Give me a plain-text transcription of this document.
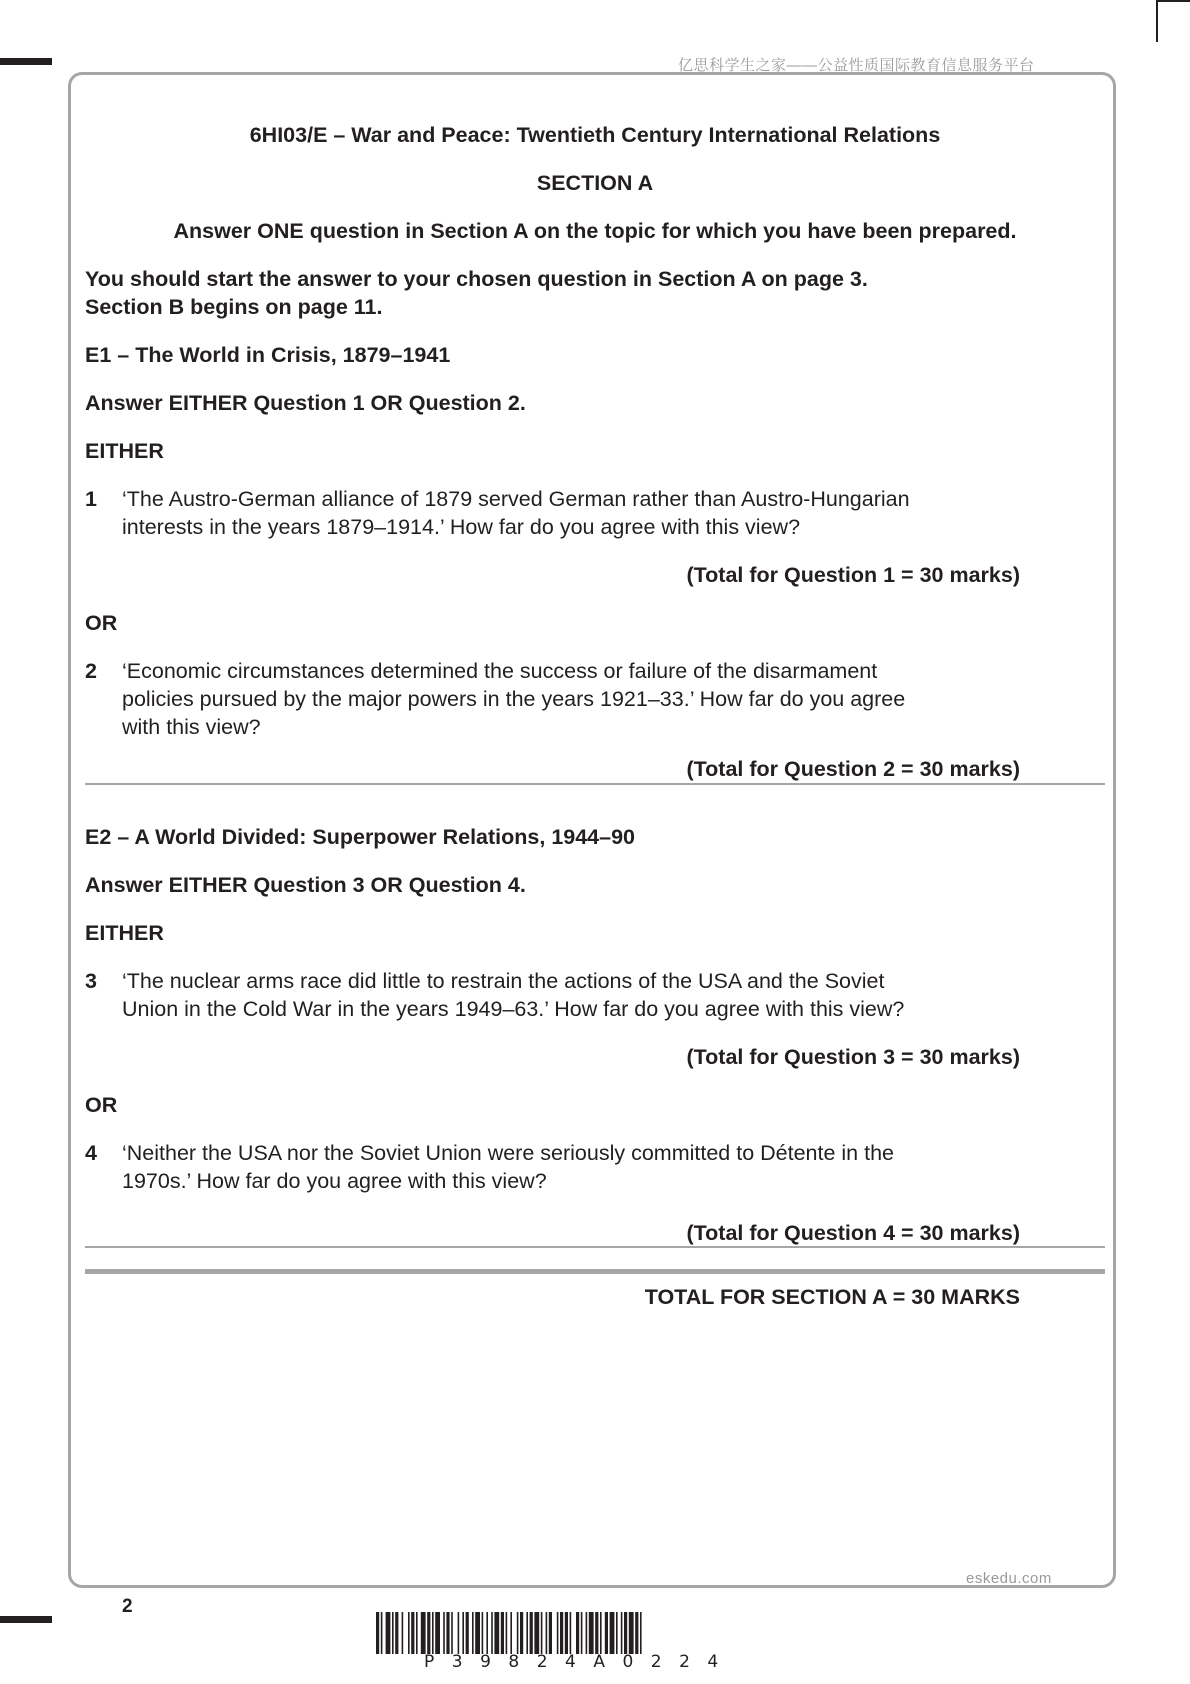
亿思科学生之家——公益性质国际教育信息服务平台
6HI03/E – War and Peace: Twentieth Century International Relations
SECTION A
Answer ONE question in Section A on the topic for which you have been prepared.
You should start the answer to your chosen question in Section A on page 3.
Section B begins on page 11.
E1 – The World in Crisis, 1879–1941
Answer EITHER Question 1 OR Question 2.
EITHER
1 ‘The Austro-German alliance of 1879 served German rather than Austro-Hungarian
interests in the years 1879–1914.’ How far do you agree with this view?
(Total for Question 1 = 30 marks)
OR
2 ‘Economic circumstances determined the success or failure of the disarmament
policies pursued by the major powers in the years 1921–33.’ How far do you agree
with this view?
(Total for Question 2 = 30 marks)
E2 – A World Divided: Superpower Relations, 1944–90
Answer EITHER Question 3 OR Question 4.
EITHER
3 ‘The nuclear arms race did little to restrain the actions of the USA and the Soviet
Union in the Cold War in the years 1949–63.’ How far do you agree with this view?
(Total for Question 3 = 30 marks)
OR
4 ‘Neither the USA nor the Soviet Union were seriously committed to Détente in the
1970s.’ How far do you agree with this view?
(Total for Question 4 = 30 marks)
TOTAL FOR SECTION A = 30 MARKS
eskedu.com
2
P39824A0224
